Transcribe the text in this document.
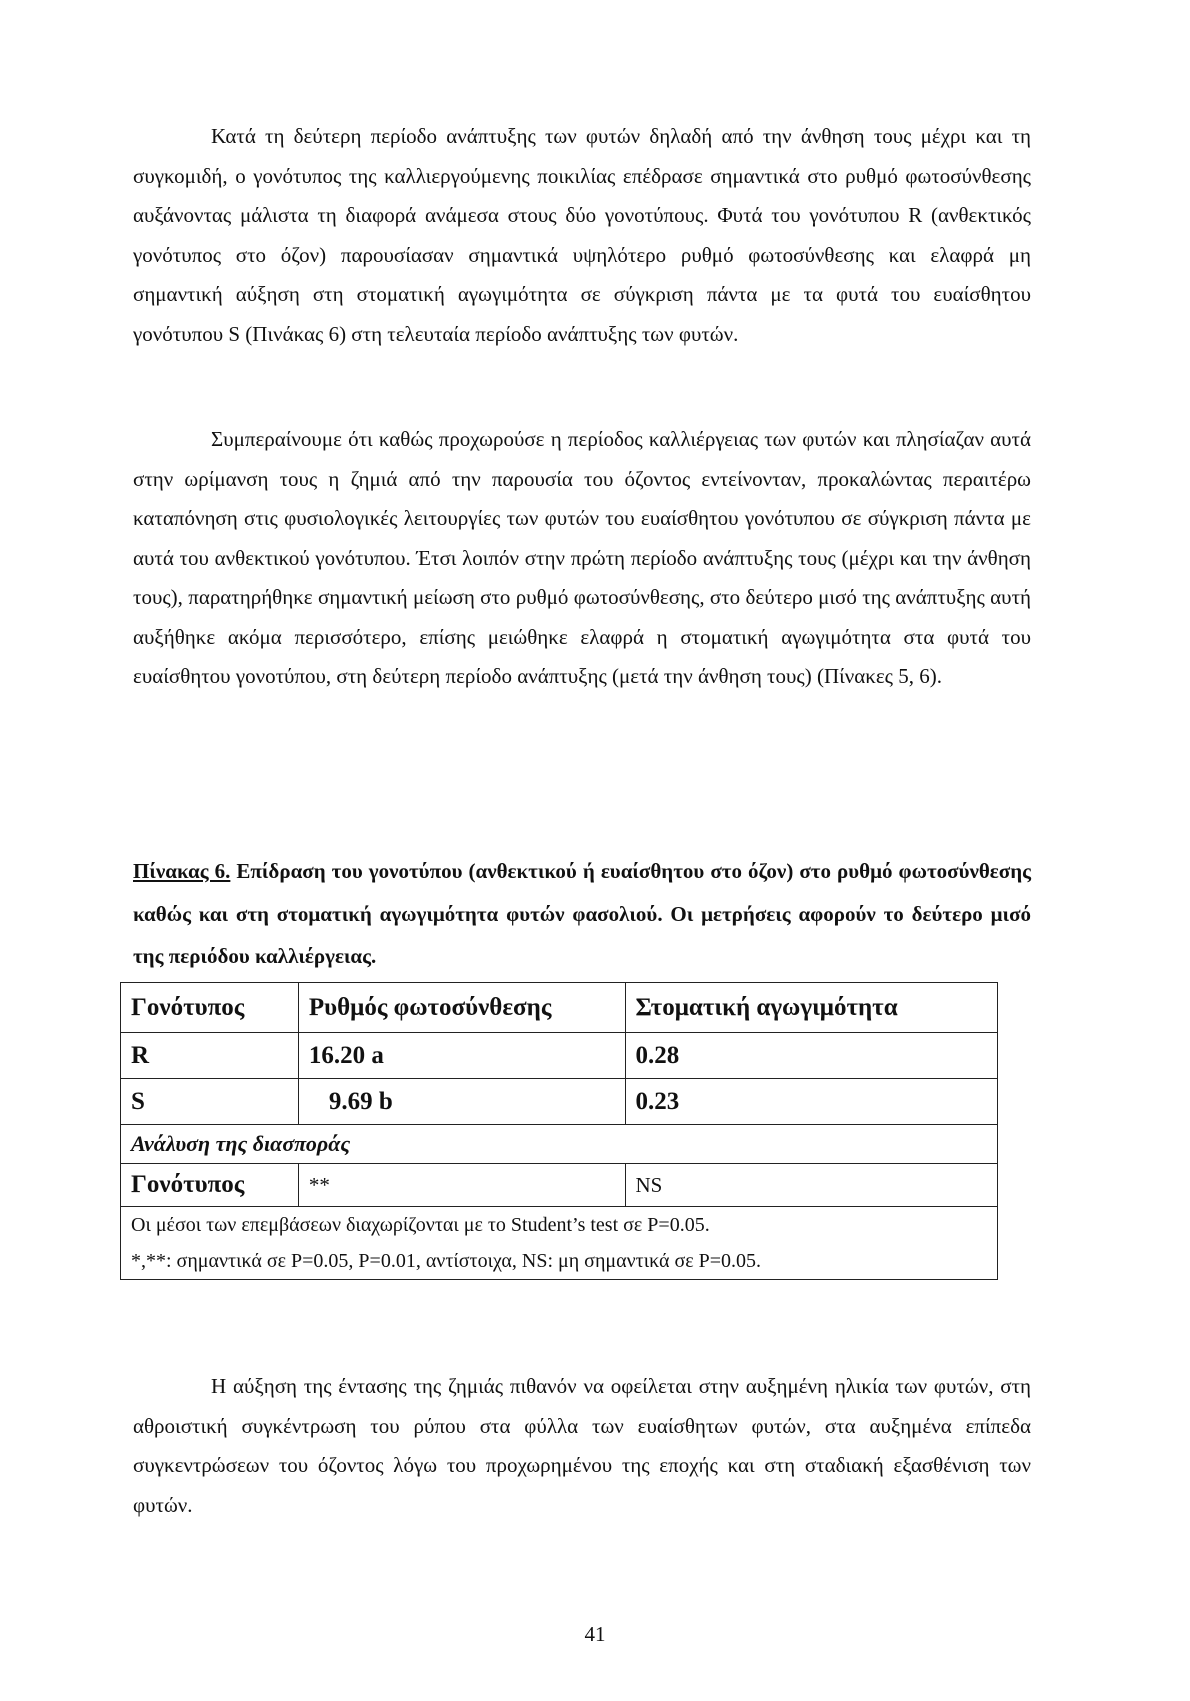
Κατά τη δεύτερη περίοδο ανάπτυξης των φυτών δηλαδή από την άνθηση τους μέχρι και τη συγκομιδή, ο γονότυπος της καλλιεργούμενης ποικιλίας επέδρασε σημαντικά στο ρυθμό φωτοσύνθεσης αυξάνοντας μάλιστα τη διαφορά ανάμεσα στους δύο γονοτύπους. Φυτά του γονότυπου R (ανθεκτικός γονότυπος στο όζον) παρουσίασαν σημαντικά υψηλότερο ρυθμό φωτοσύνθεσης και ελαφρά μη σημαντική αύξηση στη στοματική αγωγιμότητα σε σύγκριση πάντα με τα φυτά του ευαίσθητου γονότυπου S (Πινάκας 6) στη τελευταία περίοδο ανάπτυξης των φυτών.

Συμπεραίνουμε ότι καθώς προχωρούσε η περίοδος καλλιέργειας των φυτών και πλησίαζαν αυτά στην ωρίμανση τους η ζημιά από την παρουσία του όζοντος εντείνονταν, προκαλώντας περαιτέρω καταπόνηση στις φυσιολογικές λειτουργίες των φυτών του ευαίσθητου γονότυπου σε σύγκριση πάντα με αυτά του ανθεκτικού γονότυπου. Έτσι λοιπόν στην πρώτη περίοδο ανάπτυξης τους (μέχρι και την άνθηση τους), παρατηρήθηκε σημαντική μείωση στο ρυθμό φωτοσύνθεσης, στο δεύτερο μισό της ανάπτυξης αυτή αυξήθηκε ακόμα περισσότερο, επίσης μειώθηκε ελαφρά η στοματική αγωγιμότητα στα φυτά του ευαίσθητου γονοτύπου, στη δεύτερη περίοδο ανάπτυξης (μετά την άνθηση τους) (Πίνακες 5, 6).

Πίνακας 6. Επίδραση του γονοτύπου (ανθεκτικού ή ευαίσθητου στο όζον) στο ρυθμό φωτοσύνθεσης καθώς και στη στοματική αγωγιμότητα φυτών φασολιού. Οι μετρήσεις αφορούν το δεύτερο μισό της περιόδου καλλιέργειας.

Γονότυπος	Ρυθμός φωτοσύνθεσης	Στοματική αγωγιμότητα
R	16.20 a	0.28
S	9.69 b	0.23
Ανάλυση της διασποράς		
Γονότυπος	**	NS

Οι μέσοι των επεμβάσεων διαχωρίζονται με το Student’s test σε P=0.05.
*,**: σημαντικά σε P=0.05, P=0.01, αντίστοιχα, NS: μη σημαντικά σε P=0.05.		

Η αύξηση της έντασης της ζημιάς πιθανόν να οφείλεται στην αυξημένη ηλικία των φυτών, στη αθροιστική συγκέντρωση του ρύπου στα φύλλα των ευαίσθητων φυτών, στα αυξημένα επίπεδα συγκεντρώσεων του όζοντος λόγω του προχωρημένου της εποχής και στη σταδιακή εξασθένιση των φυτών.

41
